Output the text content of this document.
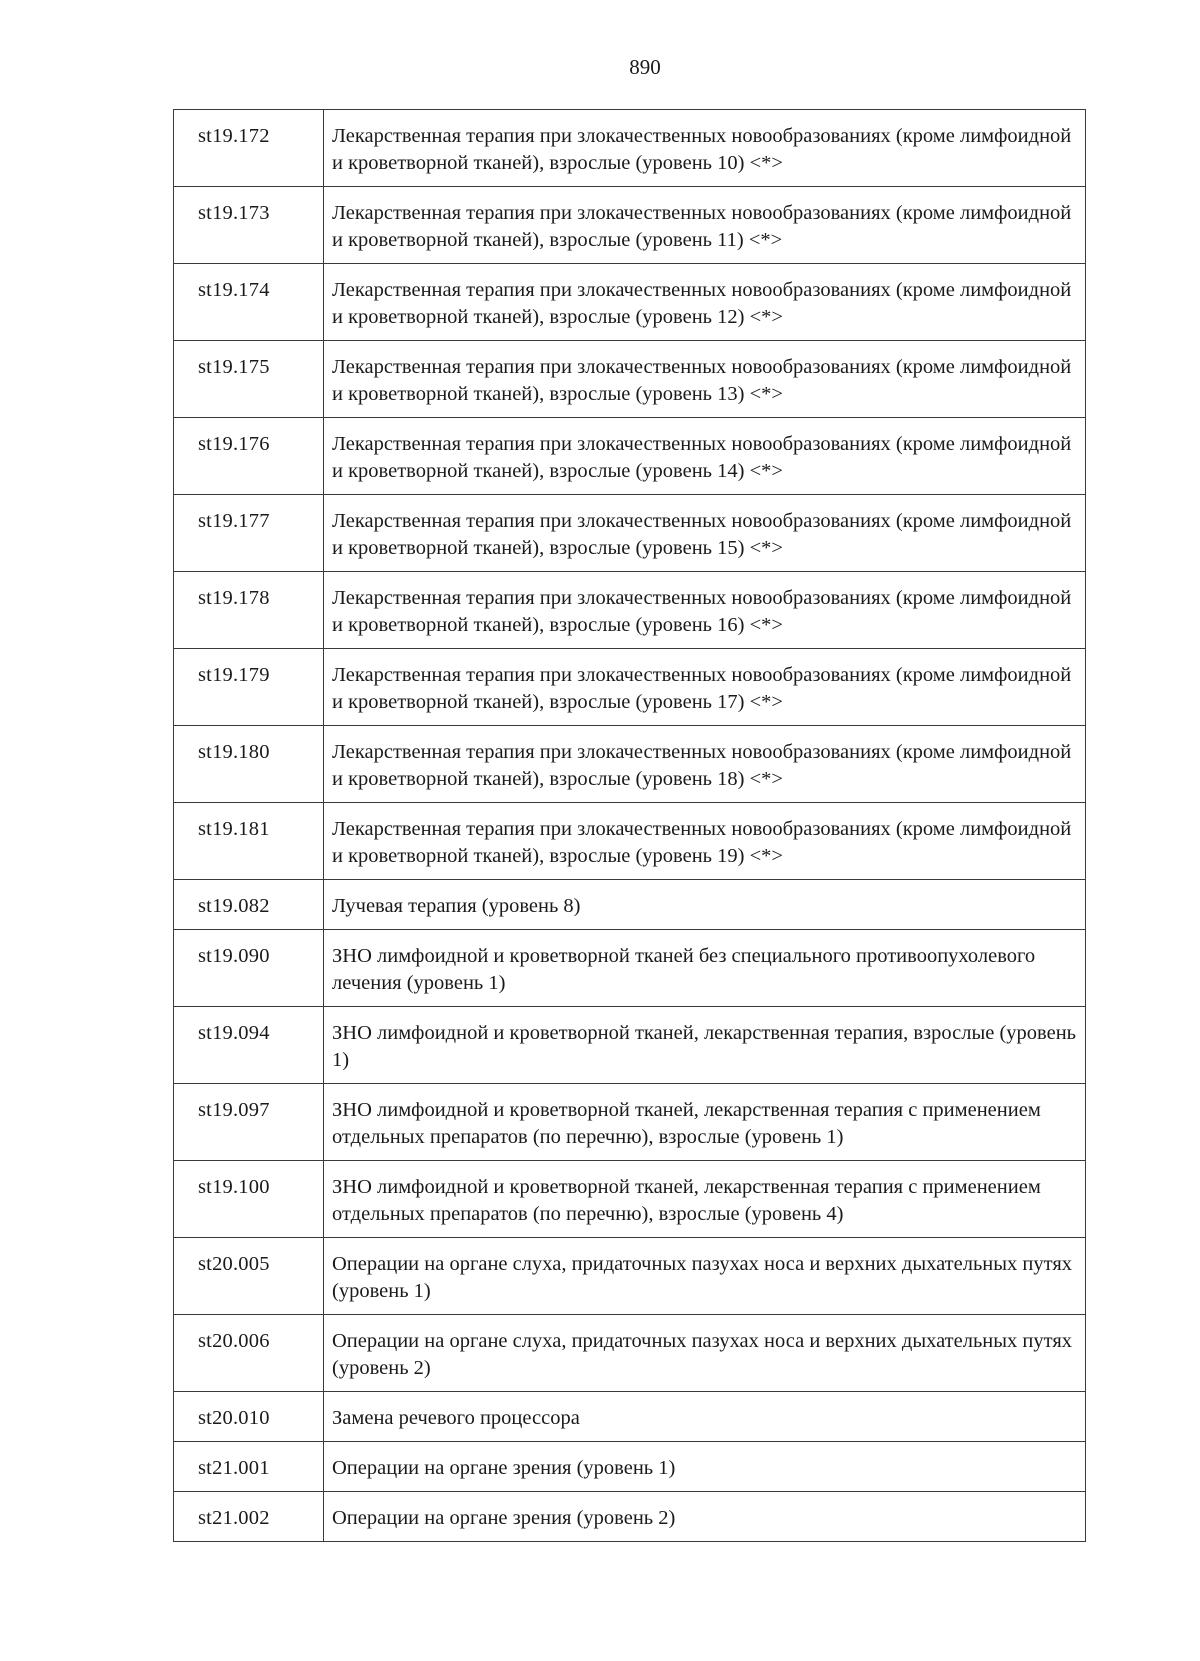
890
st19.172	Лекарственная терапия при злокачественных новообразованиях (кроме лимфоидной и кроветворной тканей), взрослые (уровень 10) <*>
st19.173	Лекарственная терапия при злокачественных новообразованиях (кроме лимфоидной и кроветворной тканей), взрослые (уровень 11) <*>
st19.174	Лекарственная терапия при злокачественных новообразованиях (кроме лимфоидной и кроветворной тканей), взрослые (уровень 12) <*>
st19.175	Лекарственная терапия при злокачественных новообразованиях (кроме лимфоидной и кроветворной тканей), взрослые (уровень 13) <*>
st19.176	Лекарственная терапия при злокачественных новообразованиях (кроме лимфоидной и кроветворной тканей), взрослые (уровень 14) <*>
st19.177	Лекарственная терапия при злокачественных новообразованиях (кроме лимфоидной и кроветворной тканей), взрослые (уровень 15) <*>
st19.178	Лекарственная терапия при злокачественных новообразованиях (кроме лимфоидной и кроветворной тканей), взрослые (уровень 16) <*>
st19.179	Лекарственная терапия при злокачественных новообразованиях (кроме лимфоидной и кроветворной тканей), взрослые (уровень 17) <*>
st19.180	Лекарственная терапия при злокачественных новообразованиях (кроме лимфоидной и кроветворной тканей), взрослые (уровень 18) <*>
st19.181	Лекарственная терапия при злокачественных новообразованиях (кроме лимфоидной и кроветворной тканей), взрослые (уровень 19) <*>
st19.082	Лучевая терапия (уровень 8)
st19.090	ЗНО лимфоидной и кроветворной тканей без специального противоопухолевого лечения (уровень 1)
st19.094	ЗНО лимфоидной и кроветворной тканей, лекарственная терапия, взрослые (уровень 1)
st19.097	ЗНО лимфоидной и кроветворной тканей, лекарственная терапия с применением отдельных препаратов (по перечню), взрослые (уровень 1)
st19.100	ЗНО лимфоидной и кроветворной тканей, лекарственная терапия с применением отдельных препаратов (по перечню), взрослые (уровень 4)
st20.005	Операции на органе слуха, придаточных пазухах носа и верхних дыхательных путях (уровень 1)
st20.006	Операции на органе слуха, придаточных пазухах носа и верхних дыхательных путях (уровень 2)
st20.010	Замена речевого процессора
st21.001	Операции на органе зрения (уровень 1)
st21.002	Операции на органе зрения (уровень 2)
